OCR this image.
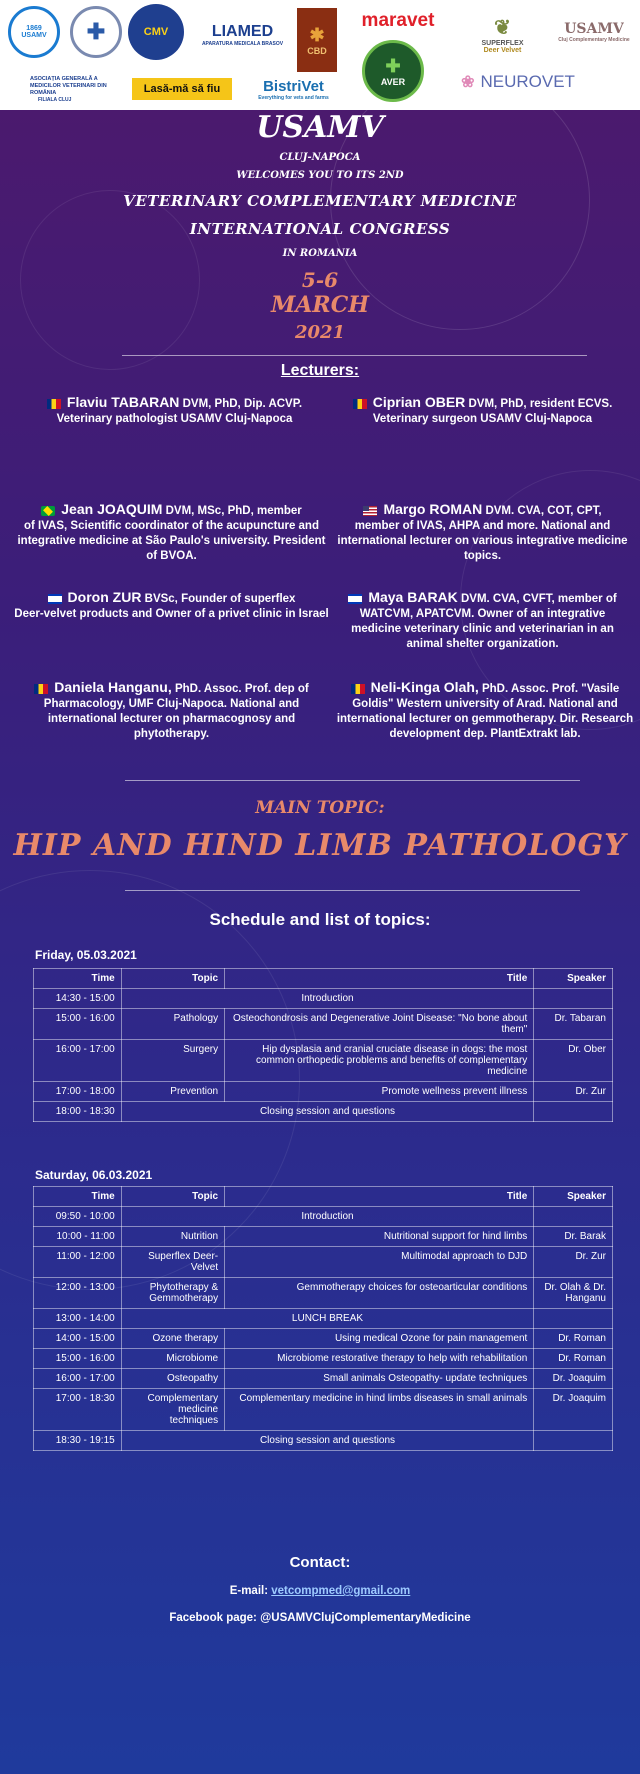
1869
USAMV	✚	CMV	LIAMED
APARATURA MEDICALA BRASOV ✱
CBD
maravet	❦
SUPERFLEX
Deer Velvet
USAMV
Cluj Complementary Medicine
ASOCIAȚIA GENERALĂ A MEDICILOR VETERINARI DIN ROMÂNIA
FILIALA CLUJ
Lasă-mă să fiu	BistriVet
Everything for vets and farms
✚
AVER	❀ NEUROVET
USAMV
CLUJ-NAPOCA
WELCOMES YOU TO ITS 2ND
VETERINARY COMPLEMENTARY MEDICINE
INTERNATIONAL CONGRESS
IN ROMANIA
5-6
MARCH
2021
Lecturers:
Flaviu TABARAN DVM, PhD, Dip. ACVP.
Veterinary pathologist USAMV Cluj-Napoca
Ciprian OBER DVM, PhD, resident ECVS.
Veterinary surgeon USAMV Cluj-Napoca
Jean JOAQUIM DVM, MSc, PhD, member
of IVAS, Scientific coordinator of the acupuncture and integrative medicine at São Paulo's university. President of BVOA.
Margo ROMAN DVM. CVA, COT, CPT,
member of IVAS, AHPA and more. National and international lecturer on various integrative medicine topics.
Doron ZUR BVSc, Founder of superflex
Deer-velvet products and Owner of a privet clinic in Israel
Maya BARAK DVM. CVA, CVFT, member of
WATCVM, APATCVM. Owner of an integrative medicine veterinary clinic and veterinarian in an animal shelter organization.
Daniela Hanganu, PhD. Assoc. Prof. dep of
Pharmacology, UMF Cluj-Napoca. National and international lecturer on pharmacognosy and phytotherapy.
Neli-Kinga Olah, PhD. Assoc. Prof. "Vasile
Goldis" Western university of Arad. National and international lecturer on gemmotherapy. Dir. Research development dep. PlantExtrakt lab.
MAIN TOPIC:
HIP AND HIND LIMB PATHOLOGY
Schedule and list of topics:
Friday, 05.03.2021
Time	Topic	Title	Speaker
14:30 - 15:00	Introduction		
15:00 - 16:00	Pathology	Osteochondrosis and Degenerative Joint Disease: "No bone about them"	Dr. Tabaran
16:00 - 17:00	Surgery	Hip dysplasia and cranial cruciate disease in dogs: the most common orthopedic problems and benefits of complementary medicine	Dr. Ober
17:00 - 18:00	Prevention	Promote wellness prevent illness	Dr. Zur
18:00 - 18:30	Closing session and questions		
Saturday, 06.03.2021
Time	Topic	Title	Speaker
09:50 - 10:00	Introduction		
10:00 - 11:00	Nutrition	Nutritional support for hind limbs	Dr. Barak
11:00 - 12:00	Superflex Deer-Velvet	Multimodal approach to DJD	Dr. Zur
12:00 - 13:00	Phytotherapy & Gemmotherapy	Gemmotherapy choices for osteoarticular conditions	Dr. Olah & Dr. Hanganu
13:00 - 14:00	LUNCH BREAK		
14:00 - 15:00	Ozone therapy	Using medical Ozone for pain management	Dr. Roman
15:00 - 16:00	Microbiome	Microbiome restorative therapy to help with rehabilitation	Dr. Roman
16:00 - 17:00	Osteopathy	Small animals Osteopathy- update techniques	Dr. Joaquim
17:00 - 18:30	Complementary medicine techniques	Complementary medicine in hind limbs diseases in small animals	Dr. Joaquim
18:30 - 19:15	Closing session and questions		
Contact:
E-mail: vetcompmed@gmail.com
Facebook page: @USAMVClujComplementaryMedicine
